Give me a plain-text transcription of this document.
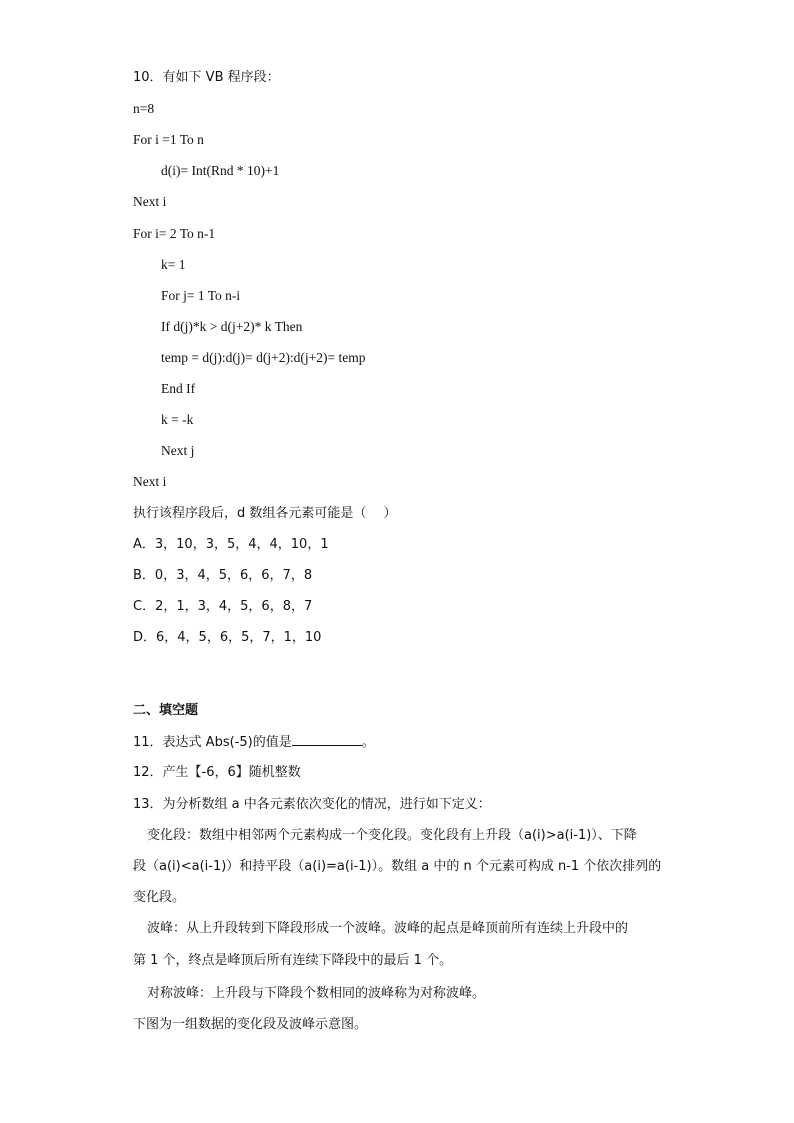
10．有如下 VB 程序段：
n=8
For i =1 To n
d(i)= Int(Rnd * 10)+1
Next i
For i= 2 To n-1
k= 1
For j= 1 To n-i
If d(j)*k > d(j+2)* k Then
temp = d(j):d(j)= d(j+2):d(j+2)= temp
End If
k = -k
Next j
Next i
执行该程序段后，d 数组各元素可能是（　 ）
A．3，10，3，5，4，4，10，1
B．0，3，4，5，6，6，7，8
C．2，1，3，4，5，6，8，7
D．6，4，5，6，5，7，1，10
二、填空题
11．表达式 Abs(-5)的值是	。
12．产生【-6，6】随机整数
13．为分析数组 a 中各元素依次变化的情况，进行如下定义：
变化段：数组中相邻两个元素构成一个变化段。变化段有上升段（a(i)>a(i-1)）、下降
段（a(i)<a(i-1)）和持平段（a(i)=a(i-1)）。数组 a 中的 n 个元素可构成 n-1 个依次排列的
变化段。
波峰：从上升段转到下降段形成一个波峰。波峰的起点是峰顶前所有连续上升段中的
第 1 个，终点是峰顶后所有连续下降段中的最后 1 个。
对称波峰：上升段与下降段个数相同的波峰称为对称波峰。
下图为一组数据的变化段及波峰示意图。
